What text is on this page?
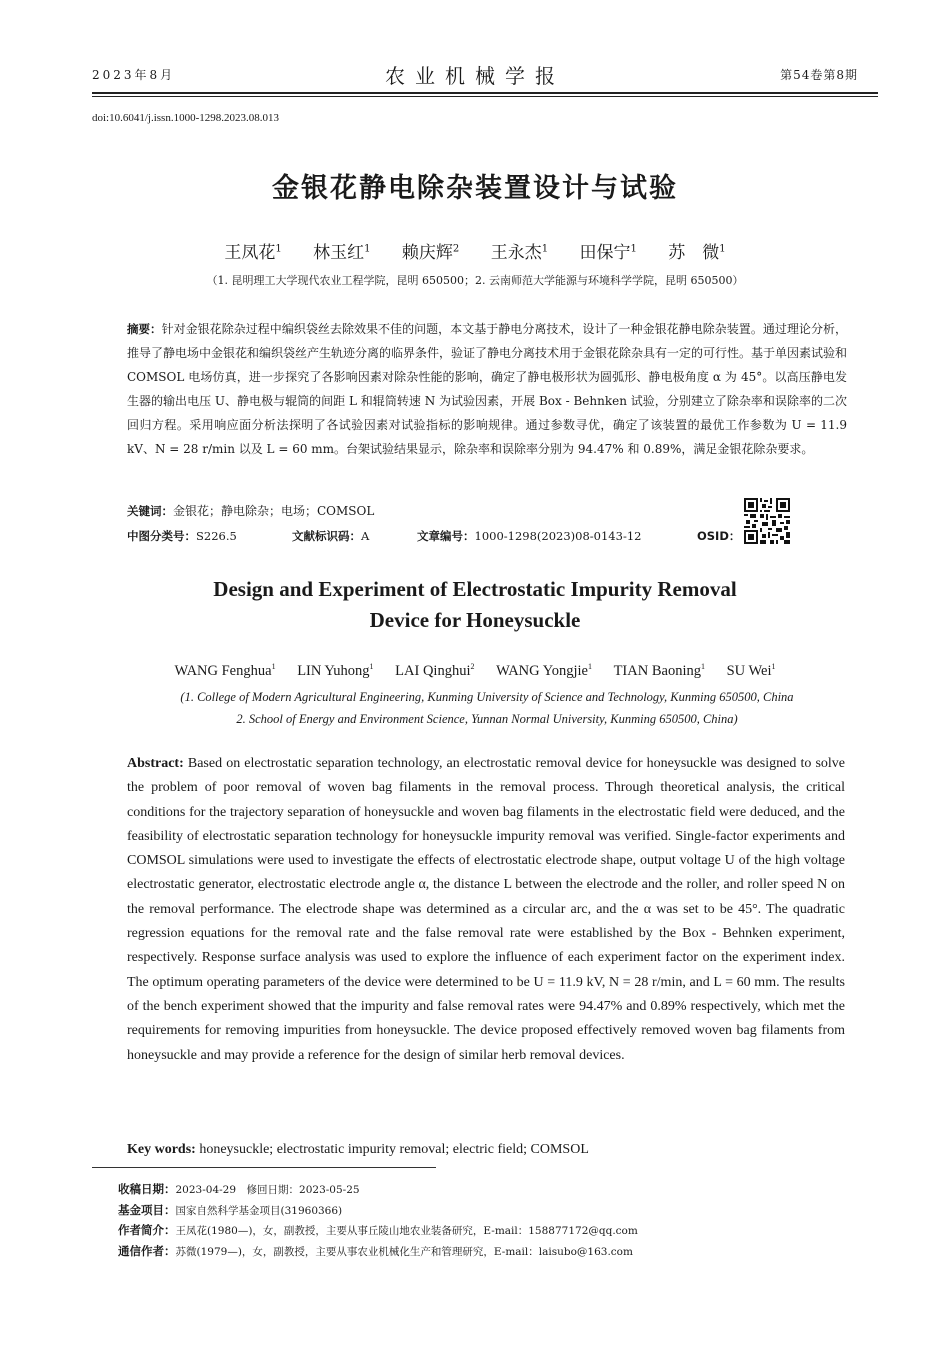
2023年8月	农业机械学报	第54卷第8期
doi:10.6041/j.issn.1000-1298.2023.08.013
金银花静电除杂装置设计与试验
王凤花$^1$ 林玉红$^1$ 赖庆辉$^2$ 王永杰$^1$ 田保宁$^1$ 苏　微$^1$
（1. 昆明理工大学现代农业工程学院，昆明 650500；2. 云南师范大学能源与环境科学学院，昆明 650500）
摘要：针对金银花除杂过程中编织袋丝去除效果不佳的问题，本文基于静电分离技术，设计了一种金银花静电除杂装置。通过理论分析，推导了静电场中金银花和编织袋丝产生轨迹分离的临界条件，验证了静电分离技术用于金银花除杂具有一定的可行性。基于单因素试验和 COMSOL 电场仿真，进一步探究了各影响因素对除杂性能的影响，确定了静电极形状为圆弧形、静电极角度 α 为 45°。以高压静电发生器的输出电压 U、静电极与辊筒的间距 L 和辊筒转速 N 为试验因素，开展 Box - Behnken 试验，分别建立了除杂率和误除率的二次回归方程。采用响应面分析法探明了各试验因素对试验指标的影响规律。通过参数寻优，确定了该装置的最优工作参数为 U = 11.9 kV、N = 28 r/min 以及 L = 60 mm。台架试验结果显示，除杂率和误除率分别为 94.47% 和 0.89%，满足金银花除杂要求。
关键词：金银花；静电除杂；电场；COMSOL
中图分类号：S226.5	文献标识码：A	文章编号：1000-1298(2023)08-0143-12	OSID：
Design and Experiment of Electrostatic Impurity Removal
Device for Honeysuckle
WANG Fenghua$^1$ LIN Yuhong$^1$ LAI Qinghui$^2$ WANG Yongjie$^1$ TIAN Baoning$^1$ SU Wei$^1$
(1. College of Modern Agricultural Engineering, Kunming University of Science and Technology, Kunming 650500, China
2. School of Energy and Environment Science, Yunnan Normal University, Kunming 650500, China)
Abstract: Based on electrostatic separation technology, an electrostatic removal device for honeysuckle was designed to solve the problem of poor removal of woven bag filaments in the removal process. Through theoretical analysis, the critical conditions for the trajectory separation of honeysuckle and woven bag filaments in the electrostatic field were deduced, and the feasibility of electrostatic separation technology for honeysuckle impurity removal was verified. Single-factor experiments and COMSOL simulations were used to investigate the effects of electrostatic electrode shape, output voltage U of the high voltage electrostatic generator, electrostatic electrode angle α, the distance L between the electrode and the roller, and roller speed N on the removal performance. The electrode shape was determined as a circular arc, and the α was set to be 45°. The quadratic regression equations for the removal rate and the false removal rate were established by the Box - Behnken experiment, respectively. Response surface analysis was used to explore the influence of each experiment factor on the experiment index. The optimum operating parameters of the device were determined to be U = 11.9 kV, N = 28 r/min, and L = 60 mm. The results of the bench experiment showed that the impurity and false removal rates were 94.47% and 0.89% respectively, which met the requirements for removing impurities from honeysuckle. The device proposed effectively removed woven bag filaments from honeysuckle and may provide a reference for the design of similar herb removal devices.
Key words: honeysuckle; electrostatic impurity removal; electric field; COMSOL
收稿日期：2023-04-29　修回日期：2023-05-25
基金项目：国家自然科学基金项目(31960366)
作者简介：王凤花(1980—)，女，副教授，主要从事丘陵山地农业装备研究，E-mail：158877172@qq.com
通信作者：苏微(1979—)，女，副教授，主要从事农业机械化生产和管理研究，E-mail：laisubo@163.com
